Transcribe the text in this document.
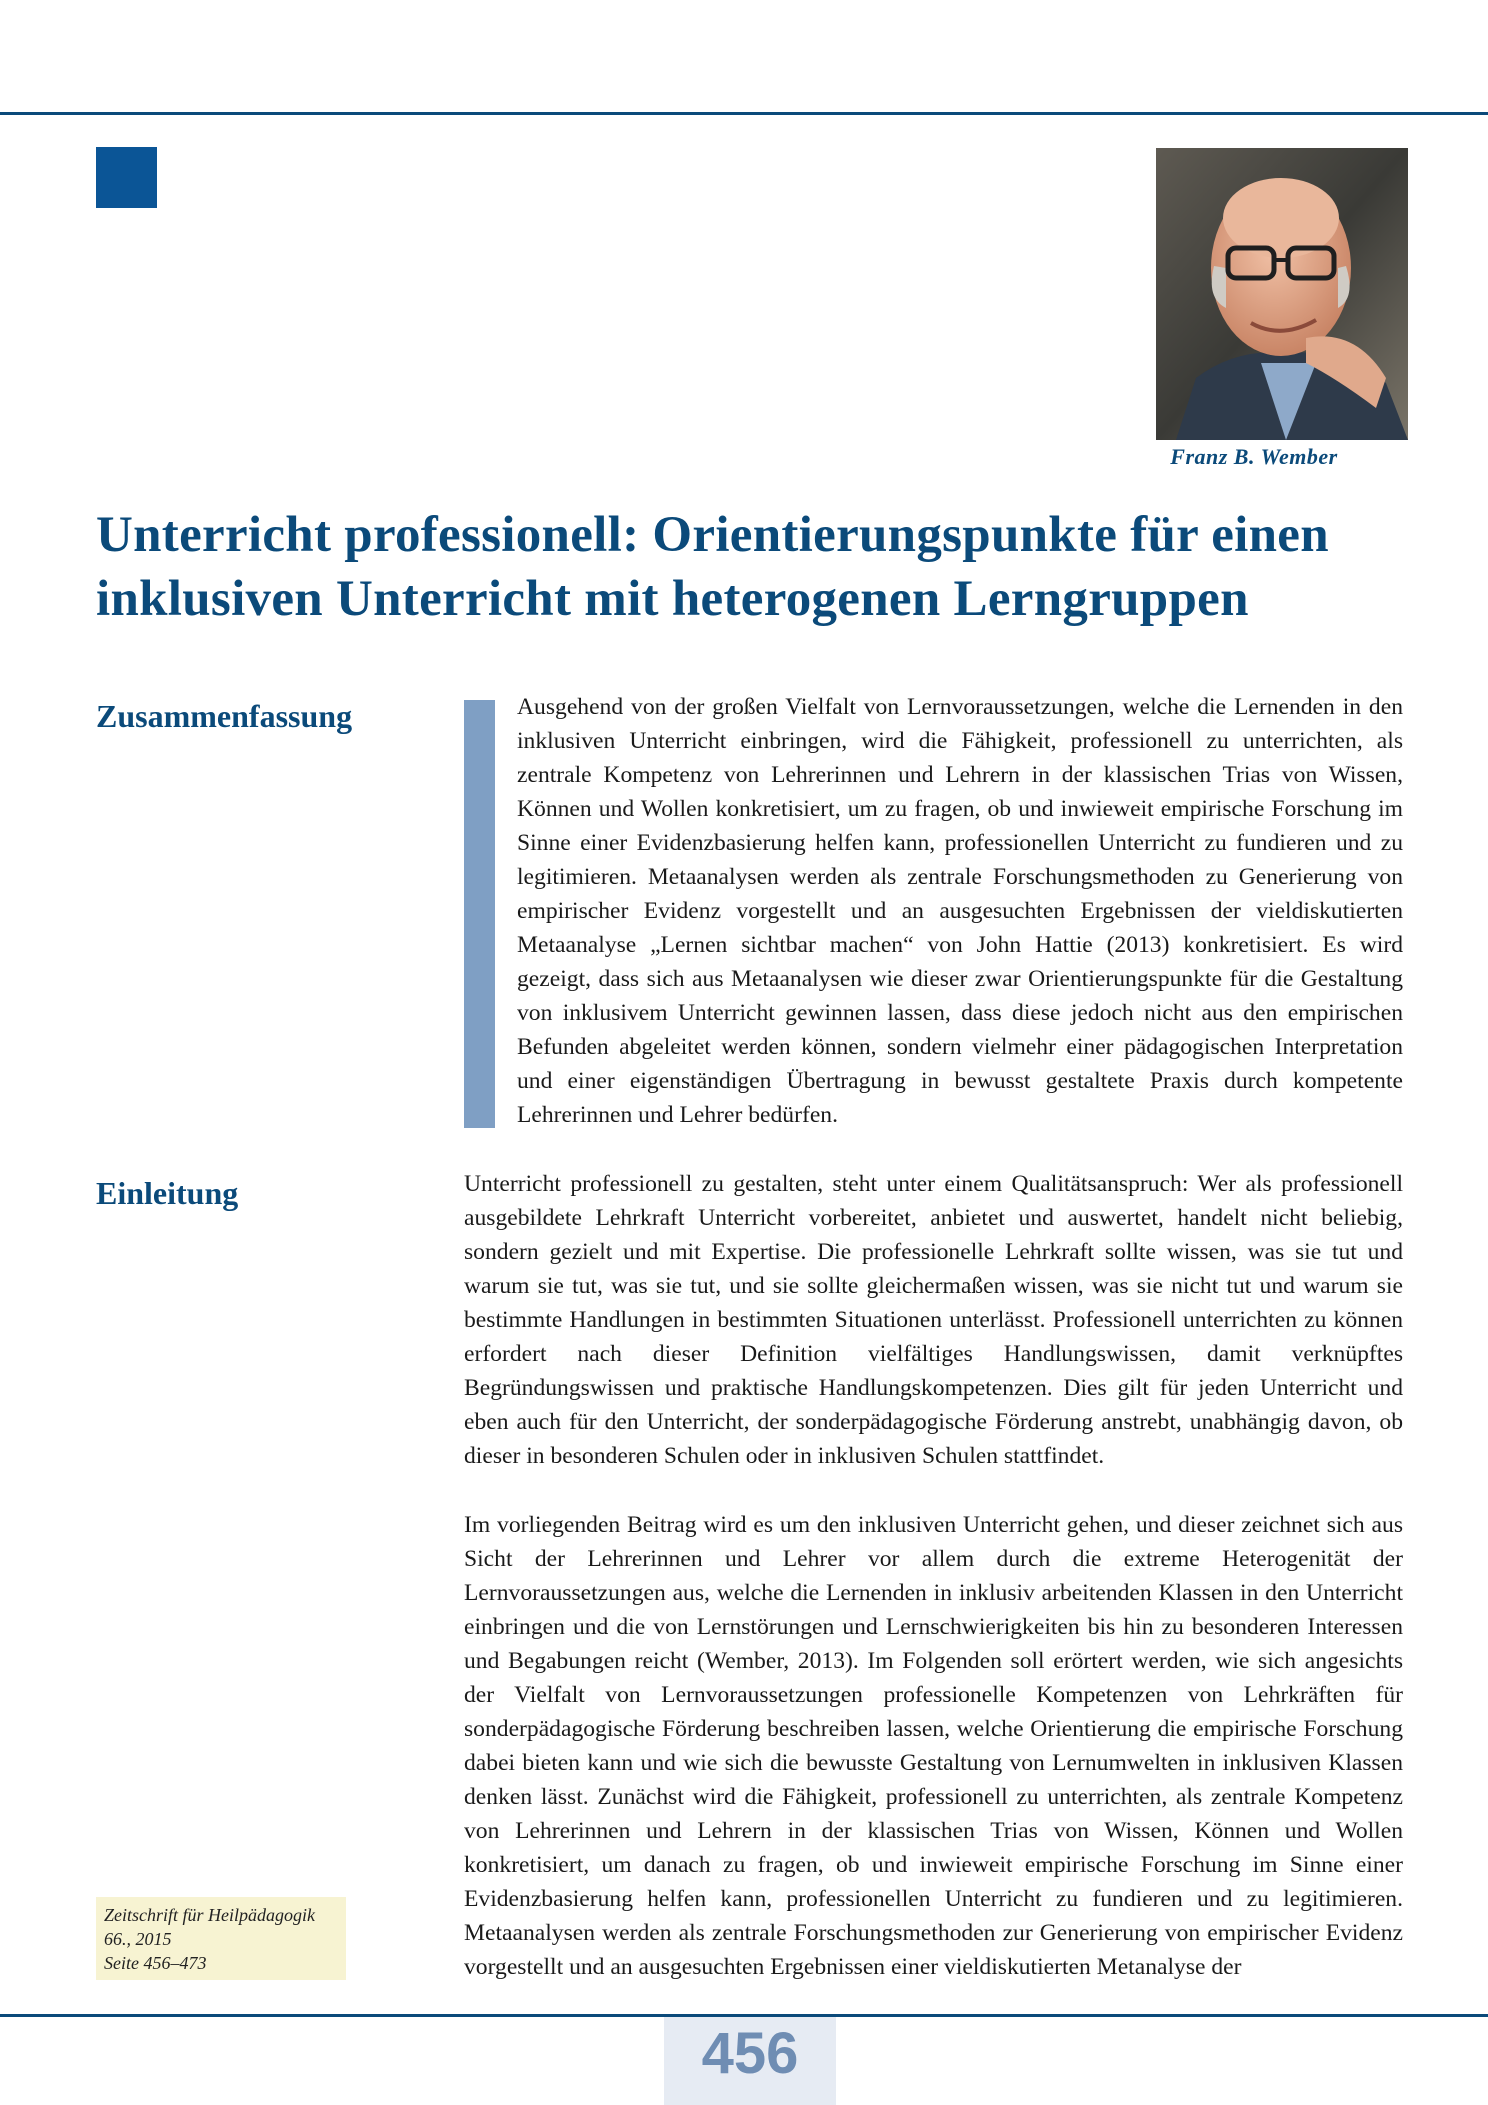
Franz B. Wember
Unterricht professionell: Orientierungspunkte für einen
inklusiven Unterricht mit heterogenen Lerngruppen
Zusammenfassung	Ausgehend von der großen Vielfalt von Lernvoraussetzungen, welche die Lernenden in den inklusiven Unterricht einbringen, wird die Fähigkeit, professionell zu unterrichten, als zentrale Kompetenz von Lehrerinnen und Lehrern in der klassischen Trias von Wissen, Können und Wollen konkretisiert, um zu fragen, ob und inwieweit empirische Forschung im Sinne einer Evidenzbasierung helfen kann, professionellen Unterricht zu fundieren und zu legitimieren. Metaanalysen werden als zentrale Forschungsmethoden zu Generierung von empirischer Evidenz vorgestellt und an ausgesuchten Ergebnissen der vieldiskutierten Metaanalyse „Lernen sichtbar machen“ von John Hattie (2013) konkretisiert. Es wird gezeigt, dass sich aus Metaanalysen wie dieser zwar Orientierungspunkte für die Gestaltung von inklusivem Unterricht gewinnen lassen, dass diese jedoch nicht aus den empirischen Befunden abgeleitet werden können, sondern vielmehr einer pädagogischen Interpretation und einer eigenständigen Übertragung in bewusst gestaltete Praxis durch kompetente Lehrerinnen und Lehrer bedürfen.

Einleitung	Unterricht professionell zu gestalten, steht unter einem Qualitätsanspruch: Wer als professionell ausgebildete Lehrkraft Unterricht vorbereitet, anbietet und auswertet, handelt nicht beliebig, sondern gezielt und mit Expertise. Die professionelle Lehrkraft sollte wissen, was sie tut und warum sie tut, was sie tut, und sie sollte gleichermaßen wissen, was sie nicht tut und warum sie bestimmte Handlungen in bestimmten Situationen unterlässt. Professionell unterrichten zu können erfordert nach dieser Definition vielfältiges Handlungswissen, damit verknüpftes Begründungswissen und praktische Handlungskompetenzen. Dies gilt für jeden Unterricht und eben auch für den Unterricht, der sonderpädagogische Förderung anstrebt, unabhängig davon, ob dieser in besonderen Schulen oder in inklusiven Schulen stattfindet.

Im vorliegenden Beitrag wird es um den inklusiven Unterricht gehen, und dieser zeichnet sich aus Sicht der Lehrerinnen und Lehrer vor allem durch die extreme Heterogenität der Lernvoraussetzungen aus, welche die Lernenden in inklusiv arbeitenden Klassen in den Unterricht einbringen und die von Lernstörungen und Lernschwierigkeiten bis hin zu besonderen Interessen und Begabungen reicht (Wember, 2013). Im Folgenden soll erörtert werden, wie sich angesichts der Vielfalt von Lernvoraussetzungen professionelle Kompetenzen von Lehrkräften für sonderpädagogische Förderung beschreiben lassen, welche Orientierung die empirische Forschung dabei bieten kann und wie sich die bewusste Gestaltung von Lernumwelten in inklusiven Klassen denken lässt. Zunächst wird die Fähigkeit, professionell zu unterrichten, als zentrale Kompetenz von Lehrerinnen und Lehrern in der klassischen Trias von Wissen, Können und Wollen konkretisiert, um danach zu fragen, ob und inwieweit empirische Forschung im Sinne einer Evidenzbasierung helfen kann, professionellen Unterricht zu fundieren und zu legitimieren. Metaanalysen werden als zentrale Forschungsmethoden zur Generierung von empirischer Evidenz vorgestellt und an ausgesuchten Ergebnissen einer vieldiskutierten Metanalyse der

Zeitschrift für Heilpädagogik
66., 2015
Seite 456–473
456
